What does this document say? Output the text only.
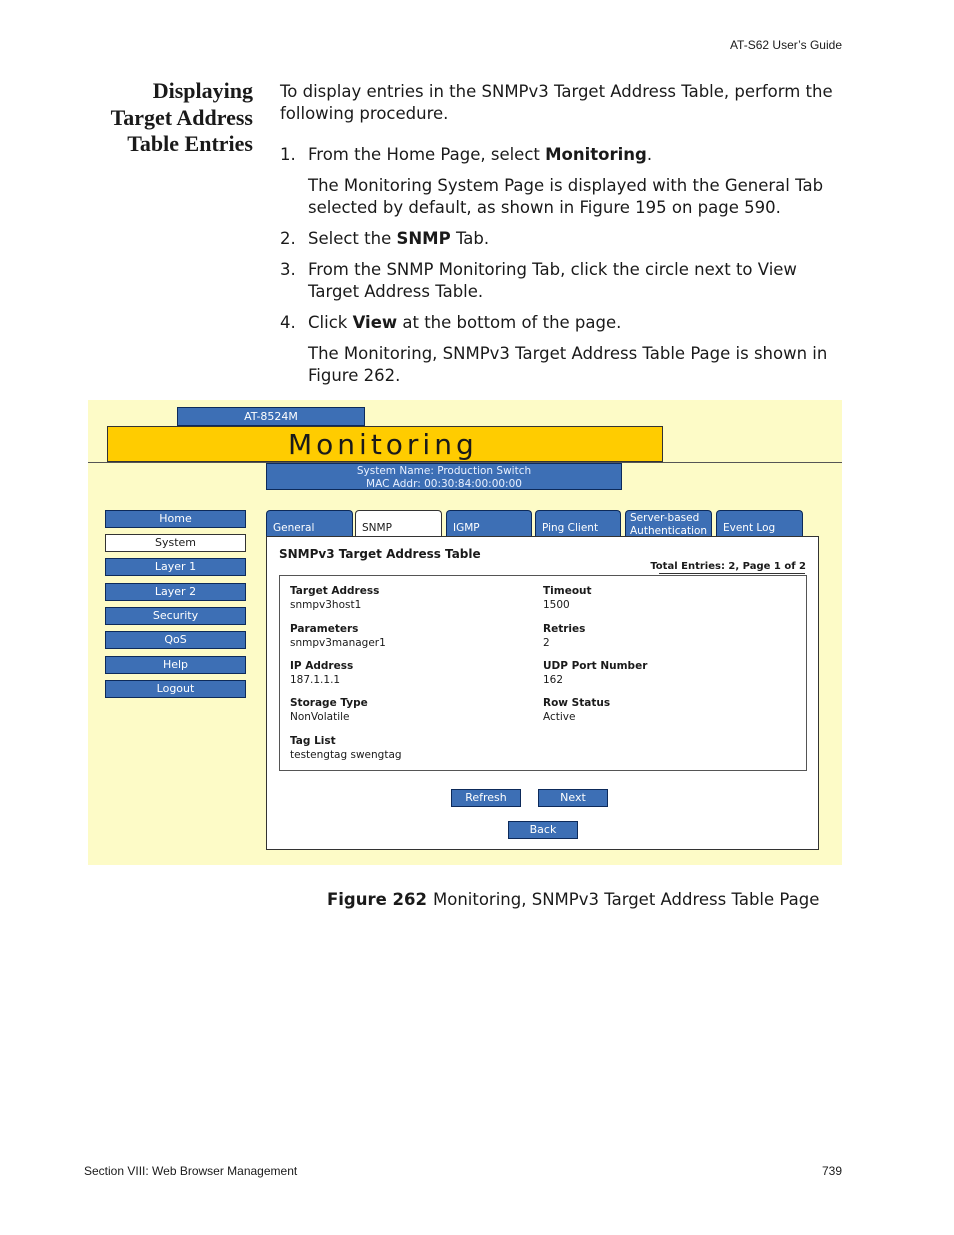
AT-S62 User’s Guide
Displaying
Target Address
Table Entries

To display entries in the SNMPv3 Target Address Table, perform the following procedure.

1. From the Home Page, select Monitoring.
The Monitoring System Page is displayed with the General Tab selected by default, as shown in Figure 195 on page 590.
2. Select the SNMP Tab.
3. From the SNMP Monitoring Tab, click the circle next to View Target Address Table.
4. Click View at the bottom of the page.
The Monitoring, SNMPv3 Target Address Table Page is shown in Figure 262.
AT-8524M
Monitoring
System Name: Production Switch
MAC Addr: 00:30:84:00:00:00
Home
System
Layer 1
Layer 2
Security
QoS
Help
Logout
General	SNMP	IGMP	Ping Client
Server-based Authentication	Event Log
SNMPv3 Target Address Table
Total Entries: 2, Page 1 of 2
Target Address
snmpv3host1
Parameters
snmpv3manager1
IP Address
187.1.1.1
Storage Type
NonVolatile
Tag List
testengtag swengtag
Timeout
1500
Retries
2
UDP Port Number
162
Row Status
Active
Refresh	Next
Back
Figure 262 Monitoring, SNMPv3 Target Address Table Page
Section VIII: Web Browser Management	739
